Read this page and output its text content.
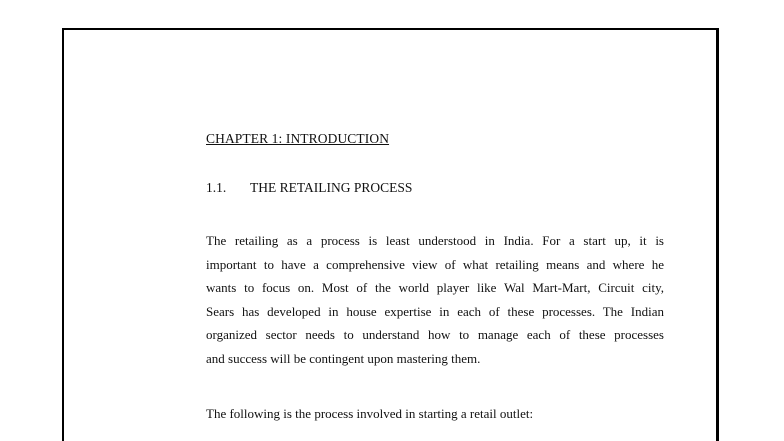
CHAPTER 1: INTRODUCTION
1.1. THE RETAILING PROCESS
The retailing as a process is least understood in India. For a start up, it is
important to have a comprehensive view of what retailing means and where he
wants to focus on. Most of the world player like Wal Mart-Mart, Circuit city,
Sears has developed in house expertise in each of these processes. The Indian
organized sector needs to understand how to manage each of these processes
and success will be contingent upon mastering them.
The following is the process involved in starting a retail outlet:
